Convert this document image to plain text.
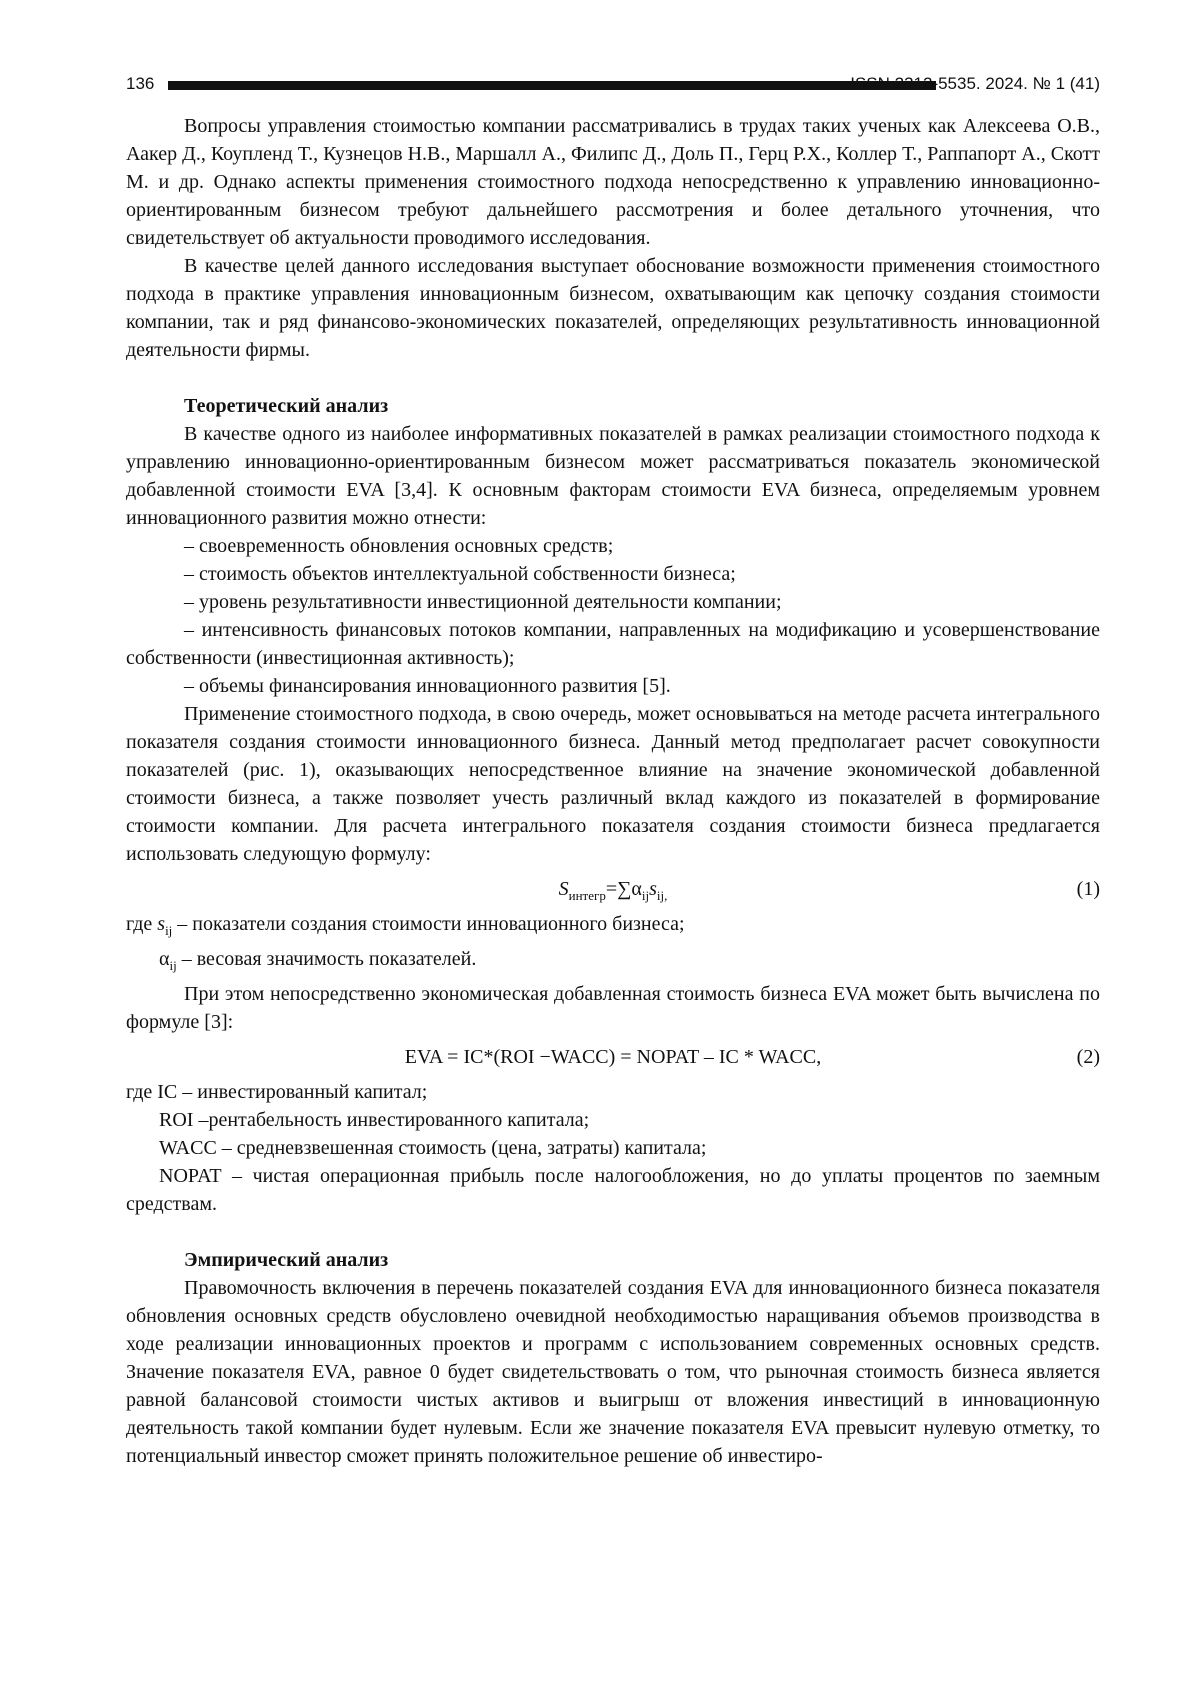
136	ISSN 2312-5535. 2024. № 1 (41)

Вопросы управления стоимостью компании рассматривались в трудах таких ученых как Алексеева О.В., Аакер Д., Коупленд Т., Кузнецов Н.В., Маршалл А., Филипс Д., Доль П., Герц Р.Х., Коллер Т., Раппапорт А., Скотт М. и др. Однако аспекты применения стоимостного подхода непосредственно к управлению инновационно-ориентированным бизнесом требуют дальнейшего рассмотрения и более детального уточнения, что свидетельствует об актуальности проводимого исследования.

В качестве целей данного исследования выступает обоснование возможности применения стоимостного подхода в практике управления инновационным бизнесом, охватывающим как цепочку создания стоимости компании, так и ряд финансово-экономических показателей, определяющих результативность инновационной деятельности фирмы.

Теоретический анализ

В качестве одного из наиболее информативных показателей в рамках реализации стоимостного подхода к управлению инновационно-ориентированным бизнесом может рассматриваться показатель экономической добавленной стоимости EVA [3,4]. К основным факторам стоимости EVA бизнеса, определяемым уровнем инновационного развития можно отнести:

– своевременность обновления основных средств;

– стоимость объектов интеллектуальной собственности бизнеса;

– уровень результативности инвестиционной деятельности компании;

– интенсивность финансовых потоков компании, направленных на модификацию и усовершенствование собственности (инвестиционная активность);

– объемы финансирования инновационного развития [5].

Применение стоимостного подхода, в свою очередь, может основываться на методе расчета интегрального показателя создания стоимости инновационного бизнеса. Данный метод предполагает расчет совокупности показателей (рис. 1), оказывающих непосредственное влияние на значение экономической добавленной стоимости бизнеса, а также позволяет учесть различный вклад каждого из показателей в формирование стоимости компании. Для расчета интегрального показателя создания стоимости бизнеса предлагается использовать следующую формулу:

$S_{интегр}=\sum\alpha_{ij}s_{ij,}$	(1)

где $s_{ij}$ – показатели создания стоимости инновационного бизнеса;

$\alpha_{ij}$ – весовая значимость показателей.

При этом непосредственно экономическая добавленная стоимость бизнеса EVA может быть вычислена по формуле [3]:

EVA = IC*(ROI −WACC) = NOPAT – IC * WACC,	(2)

где IC – инвестированный капитал;

ROI –рентабельность инвестированного капитала;

WACC – средневзвешенная стоимость (цена, затраты) капитала;

NOPAT – чистая операционная прибыль после налогообложения, но до уплаты процентов по заемным средствам.

Эмпирический анализ

Правомочность включения в перечень показателей создания EVA для инновационного бизнеса показателя обновления основных средств обусловлено очевидной необходимостью наращивания объемов производства в ходе реализации инновационных проектов и программ с использованием современных основных средств. Значение показателя EVA, равное 0 будет свидетельствовать о том, что рыночная стоимость бизнеса является равной балансовой стоимости чистых активов и выигрыш от вложения инвестиций в инновационную деятельность такой компании будет нулевым. Если же значение показателя EVA превысит нулевую отметку, то потенциальный инвестор сможет принять положительное решение об инвестиро-
